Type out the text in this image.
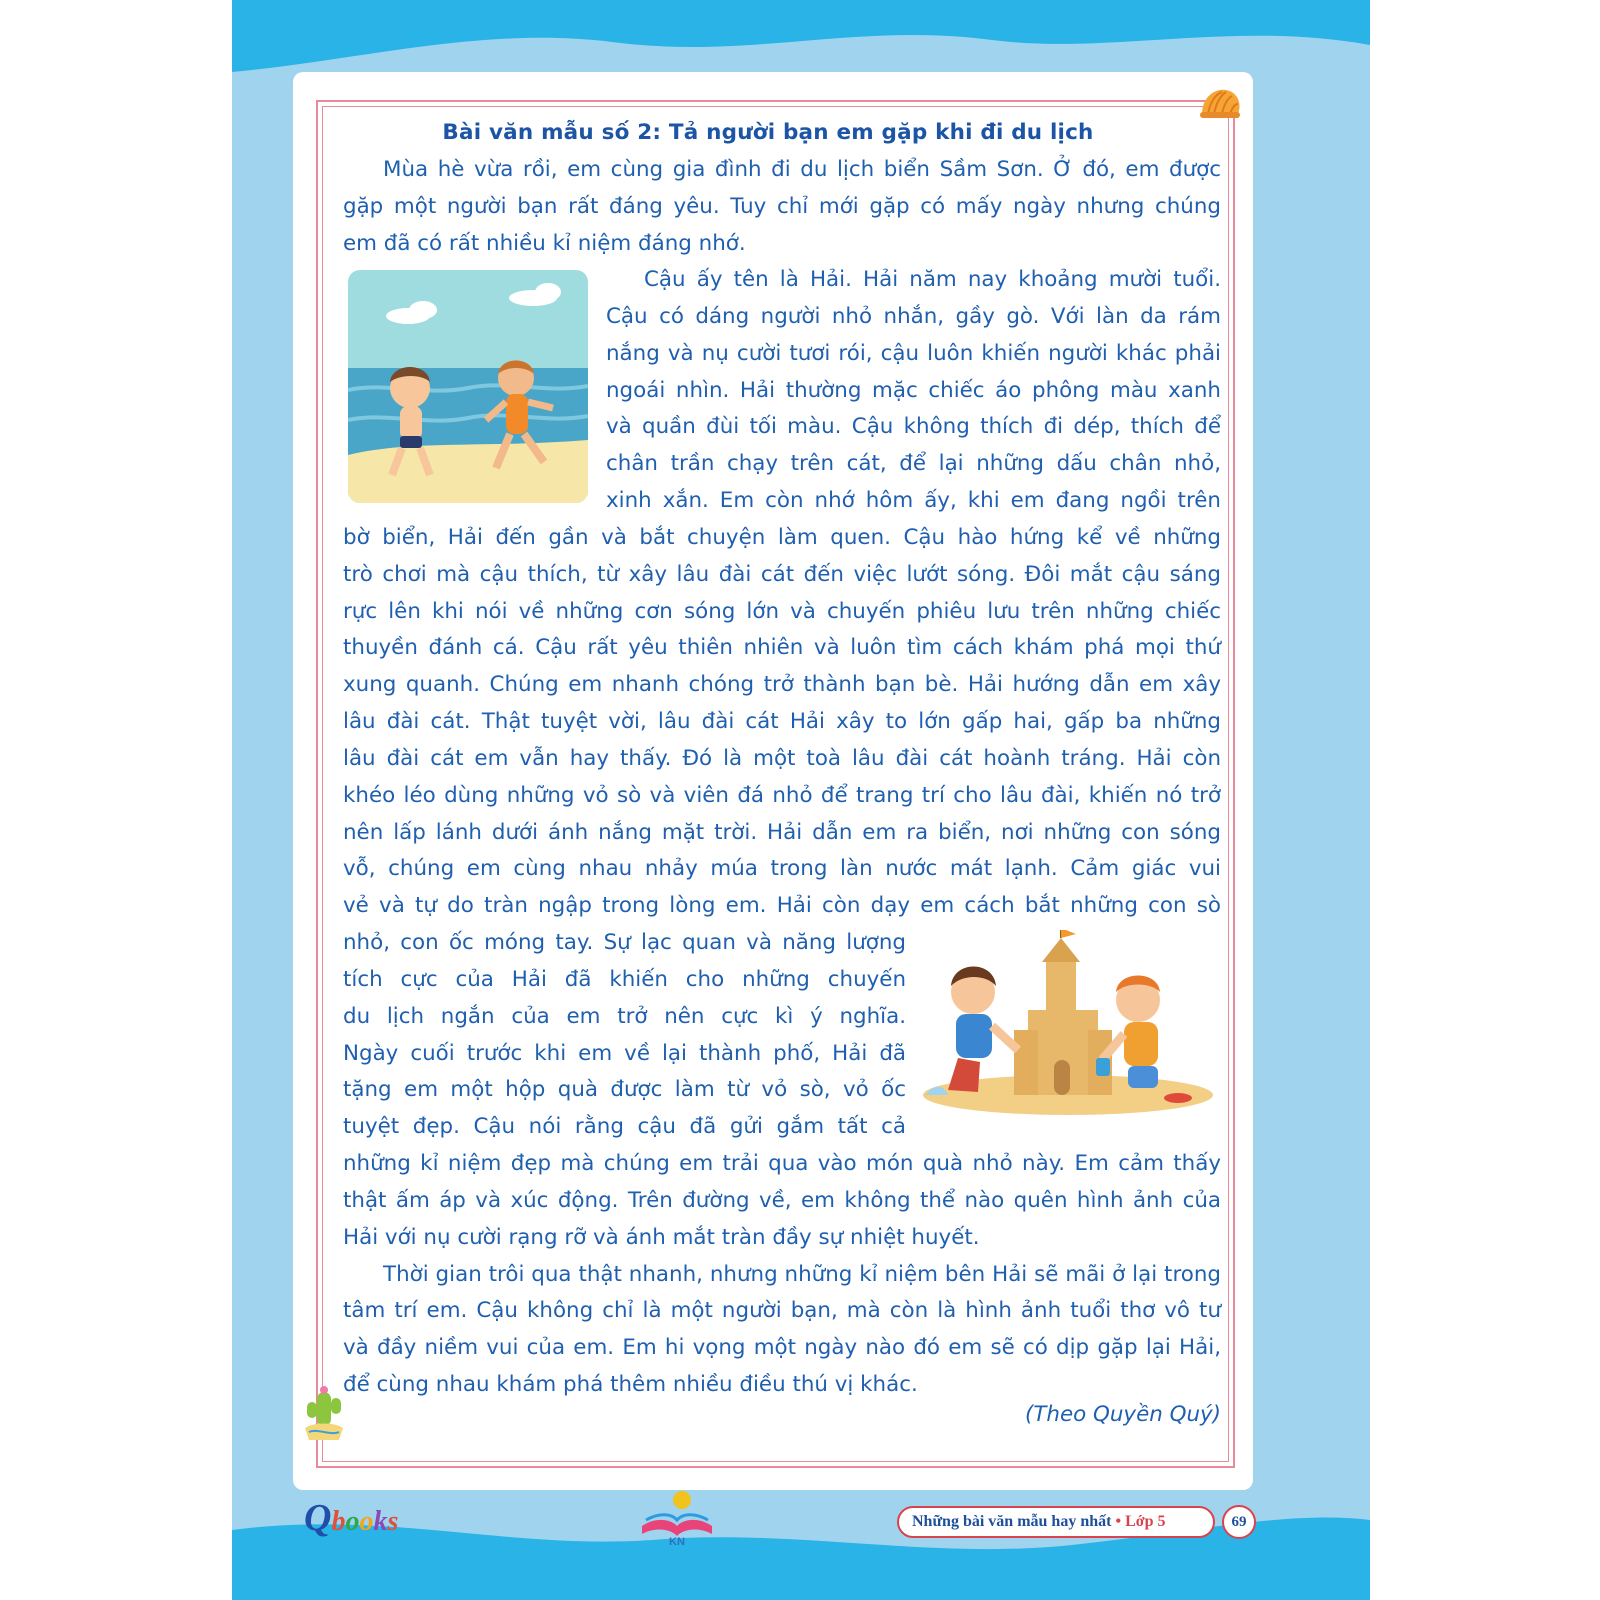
Bài văn mẫu số 2: Tả người bạn em gặp khi đi du lịch
Mùa hè vừa rồi, em cùng gia đình đi du lịch biển Sầm Sơn. Ở đó, em được
gặp một người bạn rất đáng yêu. Tuy chỉ mới gặp có mấy ngày nhưng chúng
em đã có rất nhiều kỉ niệm đáng nhớ.
Cậu ấy tên là Hải. Hải năm nay khoảng mười tuổi.
Cậu có dáng người nhỏ nhắn, gầy gò. Với làn da rám
nắng và nụ cười tươi rói, cậu luôn khiến người khác phải
ngoái nhìn. Hải thường mặc chiếc áo phông màu xanh
và quần đùi tối màu. Cậu không thích đi dép, thích để
chân trần chạy trên cát, để lại những dấu chân nhỏ,
xinh xắn. Em còn nhớ hôm ấy, khi em đang ngồi trên
bờ biển, Hải đến gần và bắt chuyện làm quen. Cậu hào hứng kể về những
trò chơi mà cậu thích, từ xây lâu đài cát đến việc lướt sóng. Đôi mắt cậu sáng
rực lên khi nói về những cơn sóng lớn và chuyến phiêu lưu trên những chiếc
thuyền đánh cá. Cậu rất yêu thiên nhiên và luôn tìm cách khám phá mọi thứ
xung quanh. Chúng em nhanh chóng trở thành bạn bè. Hải hướng dẫn em xây
lâu đài cát. Thật tuyệt vời, lâu đài cát Hải xây to lớn gấp hai, gấp ba những
lâu đài cát em vẫn hay thấy. Đó là một toà lâu đài cát hoành tráng. Hải còn
khéo léo dùng những vỏ sò và viên đá nhỏ để trang trí cho lâu đài, khiến nó trở
nên lấp lánh dưới ánh nắng mặt trời. Hải dẫn em ra biển, nơi những con sóng
vỗ, chúng em cùng nhau nhảy múa trong làn nước mát lạnh. Cảm giác vui
vẻ và tự do tràn ngập trong lòng em. Hải còn dạy em cách bắt những con sò
nhỏ, con ốc móng tay. Sự lạc quan và năng lượng
tích cực của Hải đã khiến cho những chuyến
du lịch ngắn của em trở nên cực kì ý nghĩa.
Ngày cuối trước khi em về lại thành phố, Hải đã
tặng em một hộp quà được làm từ vỏ sò, vỏ ốc
tuyệt đẹp. Cậu nói rằng cậu đã gửi gắm tất cả
những kỉ niệm đẹp mà chúng em trải qua vào món quà nhỏ này. Em cảm thấy
thật ấm áp và xúc động. Trên đường về, em không thể nào quên hình ảnh của
Hải với nụ cười rạng rỡ và ánh mắt tràn đầy sự nhiệt huyết.
Thời gian trôi qua thật nhanh, nhưng những kỉ niệm bên Hải sẽ mãi ở lại trong
tâm trí em. Cậu không chỉ là một người bạn, mà còn là hình ảnh tuổi thơ vô tư
và đầy niềm vui của em. Em hi vọng một ngày nào đó em sẽ có dịp gặp lại Hải,
để cùng nhau khám phá thêm nhiều điều thú vị khác.
(Theo Quyền Quý)
Qbooks
KN
Những bài văn mẫu hay nhất • Lớp 5	69
